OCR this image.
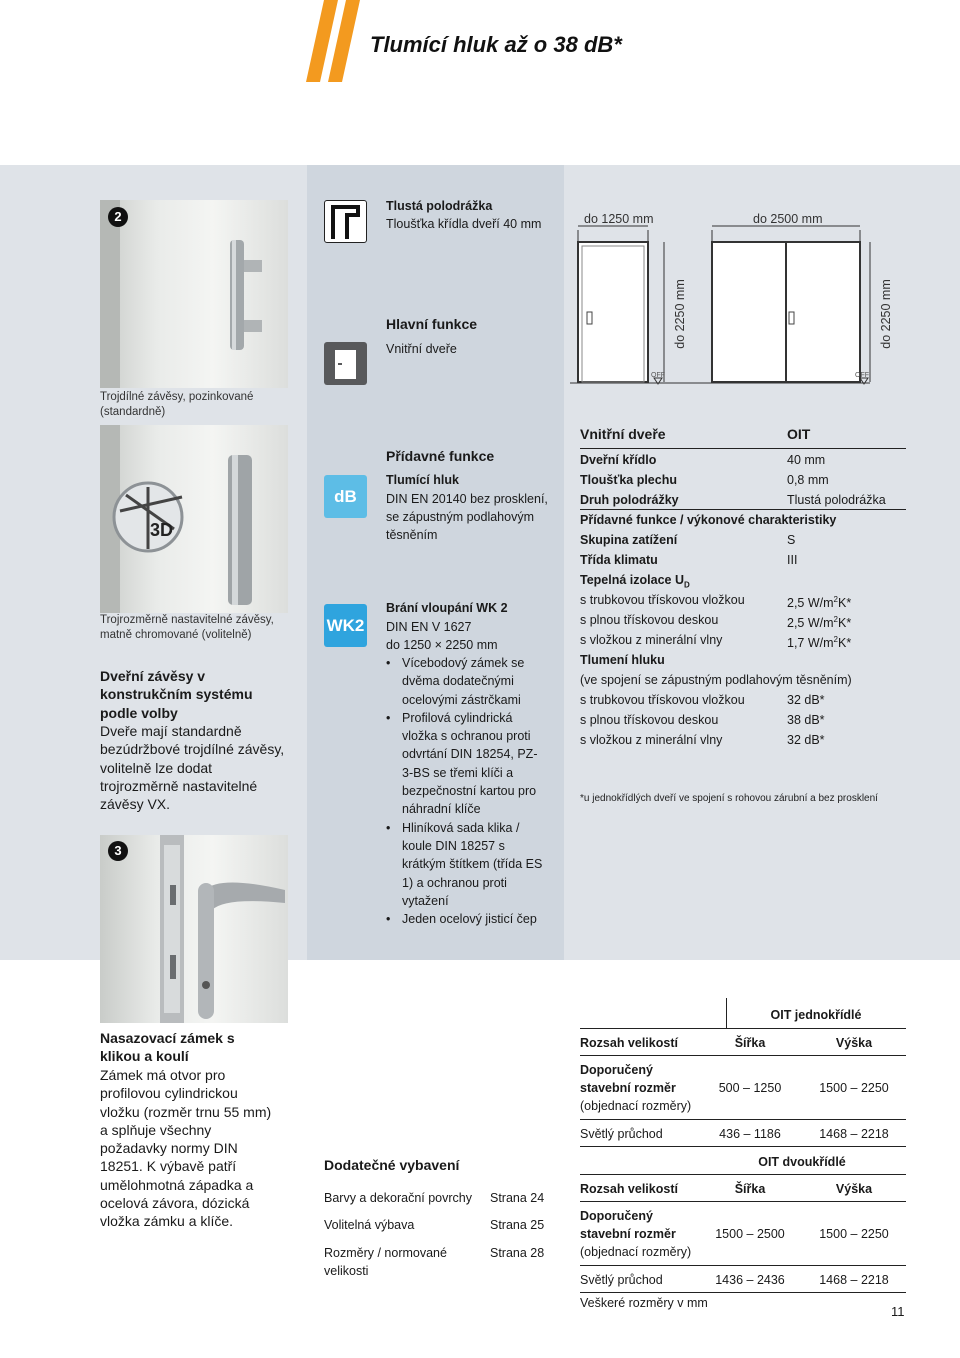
Tlumící hluk až o 38 dB*
2
Trojdílné závěsy, pozinkované (standardně)
3D
Trojrozměrně nastavitelné závěsy, matně chromované (volitelně)
Dveřní závěsy v konstrukčním systému podle volby
Dveře mají standardně bezúdržbové trojdílné závěsy, volitelně lze dodat trojrozměrně nastavitelné závěsy VX.
3
Nasazovací zámek s klikou a koulí
Zámek má otvor pro profilovou cylindrickou vložku (rozměr trnu 55 mm) a splňuje všechny požadavky normy DIN 18251. K výbavě patří umělohmotná západka a ocelová závora, dózická vložka zámku a klíče.
Tlustá polodrážka
Tloušťka křídla dveří 40 mm
Hlavní funkce
Vnitřní dveře
Přídavné funkce
dB
Tlumící hluk
DIN EN 20140 bez prosklení, se zápustným podlahovým těsněním
WK2
Brání vloupání WK 2
DIN EN V 1627
do 1250 × 2250 mm
• Vícebodový zámek se dvěma dodatečnými ocelovými zástrčkami
• Profilová cylindrická vložka s ochranou proti odvrtání DIN 18254, PZ-3-BS se třemi klíči a bezpečnostní kartou pro náhradní klíče
• Hliníková sada klika / koule DIN 18257 s krátkým štítkem (třída ES 1) a ochranou proti vytažení
• Jeden ocelový jisticí čep
Dodatečné vybavení
Barvy a dekorační povrchy Strana 24
Volitelná výbava	Strana 25
Rozměry / normované velikosti
Strana 28
do 1250 mm	do 2500 mm
do 2250 mm	do 2250 mm
OFF	OFF
Vnitřní dveře	OIT
Dveřní křídlo	40 mm
Tloušťka plechu	0,8 mm
Druh polodrážky	Tlustá polodrážka
Přídavné funkce / výkonové charakteristiky
Skupina zatížení	S
Třída klimatu	III
Tepelná izolace $U_D$
s trubkovou třískovou vložkou	2,5 $W/m^2K*$
s plnou třískovou deskou	2,5 $W/m^2K*$
s vložkou z minerální vlny	1,7 $W/m^2K*$
Tlumení hluku
(ve spojení se zápustným podlahovým těsněním)
s trubkovou třískovou vložkou	32 dB*
s plnou třískovou deskou	38 dB*
s vložkou z minerální vlny	32 dB*
*u jednokřídlých dveří ve spojení s rohovou zárubní a bez prosklení
OIT jednokřídlé
Rozsah velikostí	Šířka	Výška
Doporučený
stavební rozměr
(objednací rozměry)
500 – 1250	1500 – 2250
Světlý průchod	436 – 1186	1468 – 2218
OIT dvoukřídlé
Rozsah velikostí	Šířka	Výška
Doporučený
stavební rozměr
(objednací rozměry)
1500 – 2500	1500 – 2250
Světlý průchod	1436 – 2436	1468 – 2218
Veškeré rozměry v mm
11
